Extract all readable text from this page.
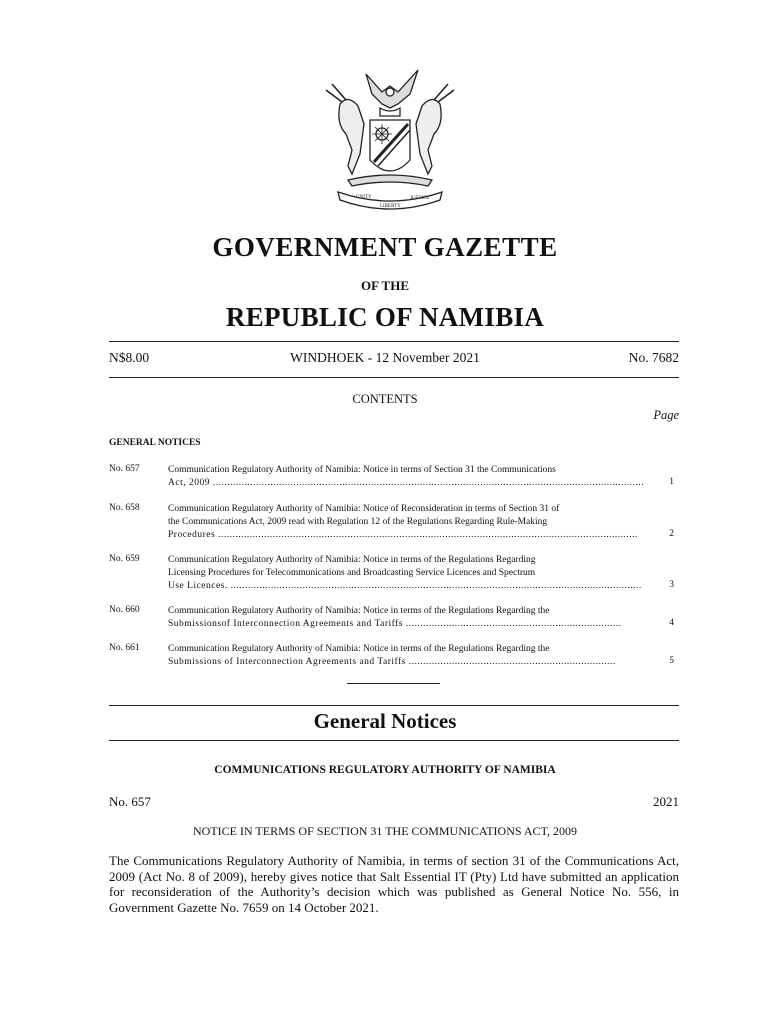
UNITY
LIBERTY
JUSTICE
GOVERNMENT GAZETTE
OF THE
REPUBLIC OF NAMIBIA
N$8.00	WINDHOEK - 12 November 2021	No. 7682
CONTENTS
Page
GENERAL NOTICES
No. 657	Communication Regulatory Authority of Namibia: Notice in terms of Section 31 the Communications
Act, 2009 ......................................................................................................................................................	1
No. 658	Communication Regulatory Authority of Namibia: Notice of Reconsideration in terms of Section 31 of
the Communications Act, 2009 read with Regulation 12 of the Regulations Regarding Rule-Making
Procedures ..................................................................................................................................................	2
No. 659	Communication Regulatory Authority of Namibia: Notice in terms of the Regulations Regarding
Licensing Procedures for Telecommunications and Broadcasting Service Licences and Spectrum
Use Licences. ...............................................................................................................................................	3
No. 660	Communication Regulatory Authority of Namibia: Notice in terms of the Regulations Regarding the
Submissionsof Interconnection Agreements and Tariffs ...........................................................................	4
No. 661	Communication Regulatory Authority of Namibia: Notice in terms of the Regulations Regarding the
Submissions of Interconnection Agreements and Tariffs ........................................................................	5
General Notices
COMMUNICATIONS REGULATORY AUTHORITY OF NAMIBIA
No. 657	2021
NOTICE IN TERMS OF SECTION 31 THE COMMUNICATIONS ACT, 2009
The Communications Regulatory Authority of Namibia, in terms of section 31 of the Communications Act, 2009 (Act No. 8 of 2009), hereby gives notice that Salt Essential IT (Pty) Ltd have submitted an application for reconsideration of the Authority’s decision which was published as General Notice No. 556, in Government Gazette No. 7659 on 14 October 2021.
